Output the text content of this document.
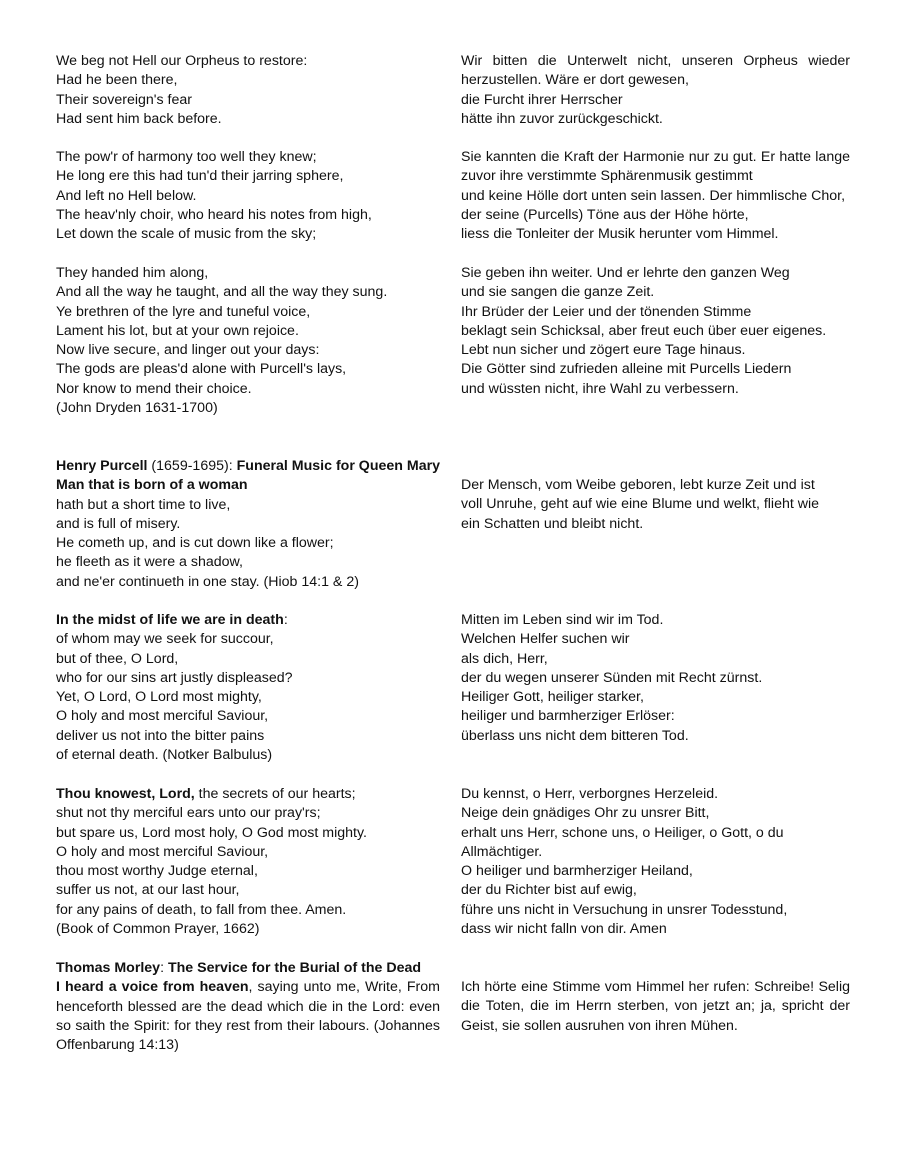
We beg not Hell our Orpheus to restore:
Had he been there,
Their sovereign's fear
Had sent him back before.
The pow'r of harmony too well they knew;
He long ere this had tun'd their jarring sphere,
And left no Hell below.
The heav'nly choir, who heard his notes from high,
Let down the scale of music from the sky;
They handed him along,
And all the way he taught, and all the way they sung.
Ye brethren of the lyre and tuneful voice,
Lament his lot, but at your own rejoice.
Now live secure, and linger out your days:
The gods are pleas'd alone with Purcell's lays,
Nor know to mend their choice.
(John Dryden 1631-1700)
Wir bitten die Unterwelt nicht, unseren Orpheus wieder herzustellen. Wäre er dort gewesen,
die Furcht ihrer Herrscher
hätte ihn zuvor zurückgeschickt.
Sie kannten die Kraft der Harmonie nur zu gut. Er hatte lange zuvor ihre verstimmte Sphärenmusik gestimmt
und keine Hölle dort unten sein lassen. Der himmlische Chor,
der seine (Purcells) Töne aus der Höhe hörte,
liess die Tonleiter der Musik herunter vom Himmel.
Sie geben ihn weiter. Und er lehrte den ganzen Weg
und sie sangen die ganze Zeit.
Ihr Brüder der Leier und der tönenden Stimme
beklagt sein Schicksal, aber freut euch über euer eigenes.
Lebt nun sicher und zögert eure Tage hinaus.
Die Götter sind zufrieden alleine mit Purcells Liedern
und wüssten nicht, ihre Wahl zu verbessern.
Henry Purcell (1659-1695): Funeral Music for Queen Mary
Man that is born of a woman
hath but a short time to live,
and is full of misery.
He cometh up, and is cut down like a flower;
he fleeth as it were a shadow,
and ne'er continueth in one stay. (Hiob 14:1 & 2)
Der Mensch, vom Weibe geboren, lebt kurze Zeit und ist voll Unruhe, geht auf wie eine Blume und welkt, flieht wie ein Schatten und bleibt nicht.
In the midst of life we are in death:
of whom may we seek for succour,
but of thee, O Lord,
who for our sins art justly displeased?
Yet, O Lord, O Lord most mighty,
O holy and most merciful Saviour,
deliver us not into the bitter pains
of eternal death. (Notker Balbulus)
Mitten im Leben sind wir im Tod.
Welchen Helfer suchen wir
als dich, Herr,
der du wegen unserer Sünden mit Recht zürnst.
Heiliger Gott, heiliger starker,
heiliger und barmherziger Erlöser:
überlass uns nicht dem bitteren Tod.
Thou knowest, Lord, the secrets of our hearts;
shut not thy merciful ears unto our pray'rs;
but spare us, Lord most holy, O God most mighty.
O holy and most merciful Saviour,
thou most worthy Judge eternal,
suffer us not, at our last hour,
for any pains of death, to fall from thee. Amen.
(Book of Common Prayer, 1662)
Du kennst, o Herr, verborgnes Herzeleid.
Neige dein gnädiges Ohr zu unsrer Bitt,
erhalt uns Herr, schone uns, o Heiliger, o Gott, o du
Allmächtiger.
O heiliger und barmherziger Heiland,
der du Richter bist auf ewig,
führe uns nicht in Versuchung in unsrer Todesstund,
dass wir nicht falln von dir. Amen
Thomas Morley: The Service for the Burial of the Dead
I heard a voice from heaven, saying unto me, Write, From henceforth blessed are the dead which die in the Lord: even so saith the Spirit: for they rest from their labours. (Johannes Offenbarung 14:13)
Ich hörte eine Stimme vom Himmel her rufen: Schreibe! Selig die Toten, die im Herrn sterben, von jetzt an; ja, spricht der Geist, sie sollen ausruhen von ihren Mühen.
